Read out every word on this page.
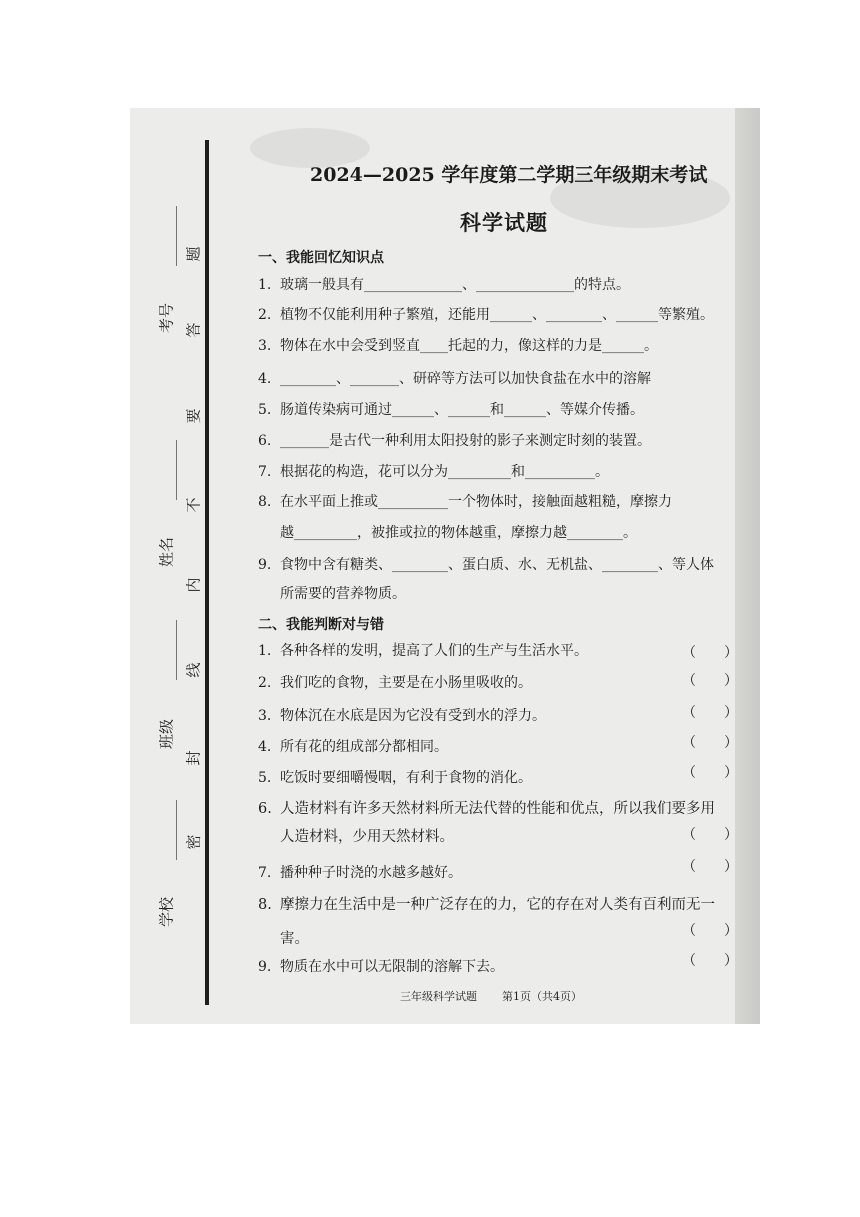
考号
________
姓名
________
班级
________
学校
________
题
答
要
不
内
线
封
密
2024—2025 学年度第二学期三年级期末考试
科学试题
一、我能回忆知识点
1. 玻璃一般具有______________、______________的特点。
2. 植物不仅能利用种子繁殖，还能用______、________、______等繁殖。
3. 物体在水中会受到竖直____托起的力，像这样的力是______。
4. ________、_______、研碎等方法可以加快食盐在水中的溶解
5. 肠道传染病可通过______、______和______、等媒介传播。
6. _______是古代一种利用太阳投射的影子来测定时刻的装置。
7. 根据花的构造，花可以分为_________和__________。
8. 在水平面上推或__________一个物体时，接触面越粗糙，摩擦力
越_________，被推或拉的物体越重，摩擦力越________。
9. 食物中含有糖类、________、蛋白质、水、无机盐、________、等人体
所需要的营养物质。
二、我能判断对与错
1. 各种各样的发明，提高了人们的生产与生活水平。	（　　）
2. 我们吃的食物，主要是在小肠里吸收的。	（　　）
3. 物体沉在水底是因为它没有受到水的浮力。	（　　）
4. 所有花的组成部分都相同。	（　　）
5. 吃饭时要细嚼慢咽，有利于食物的消化。	（　　）
6. 人造材料有许多天然材料所无法代替的性能和优点，所以我们要多用
人造材料，少用天然材料。	（　　）
7. 播种种子时浇的水越多越好。	（　　）
8. 摩擦力在生活中是一种广泛存在的力，它的存在对人类有百利而无一
害。	（　　）
9. 物质在水中可以无限制的溶解下去。	（　　）
三年级科学试题 第1页（共4页）
